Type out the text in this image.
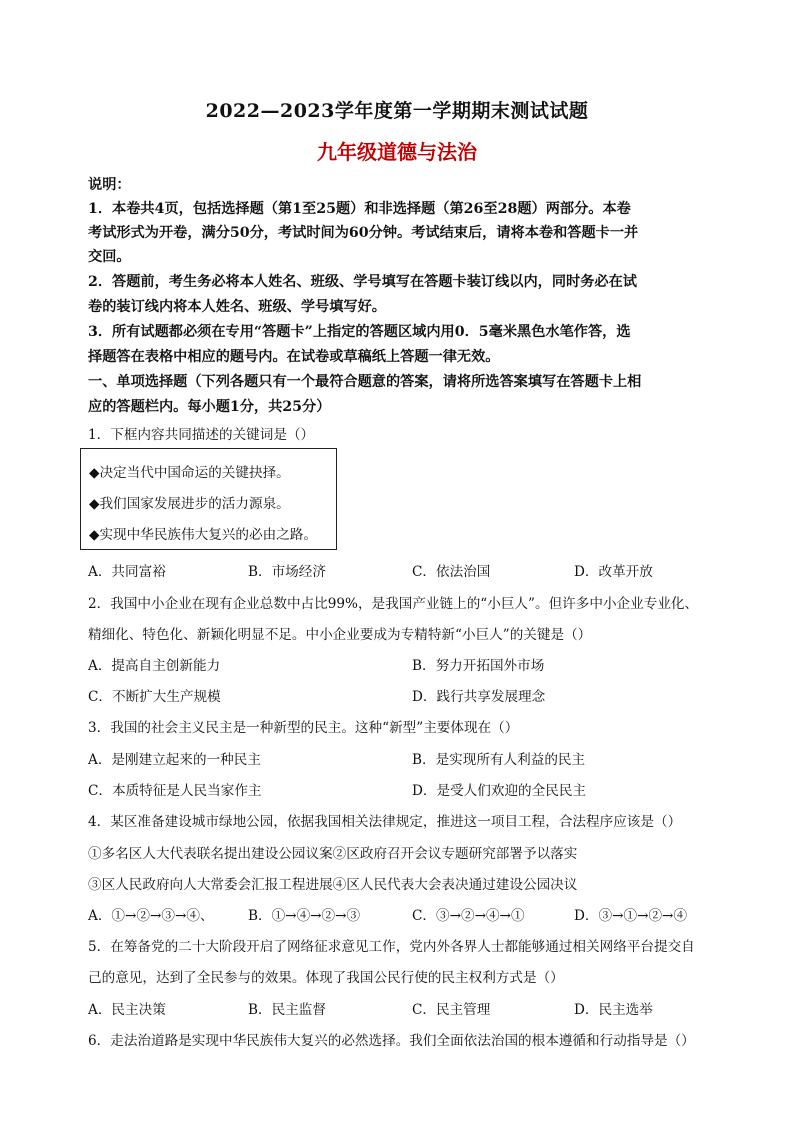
2022—2023学年度第一学期期末测试试题
九年级道德与法治
说明：
1．本卷共4页，包括选择题（第1至25题）和非选择题（第26至28题）两部分。本卷
考试形式为开卷，满分50分，考试时间为60分钟。考试结束后，请将本卷和答题卡一并
交回。
2．答题前，考生务必将本人姓名、班级、学号填写在答题卡装订线以内，同时务必在试
卷的装订线内将本人姓名、班级、学号填写好。
3．所有试题都必须在专用“答题卡”上指定的答题区域内用0．5毫米黑色水笔作答，选
择题答在表格中相应的题号内。在试卷或草稿纸上答题一律无效。
一、单项选择题（下列各题只有一个最符合题意的答案，请将所选答案填写在答题卡上相
应的答题栏内。每小题1分，共25分）
1．下框内容共同描述的关键词是（）
◆决定当代中国命运的关键抉择。
◆我们国家发展进步的活力源泉。
◆实现中华民族伟大复兴的必由之路。
A．共同富裕	B．市场经济	C．依法治国	D．改革开放
2．我国中小企业在现有企业总数中占比99%，是我国产业链上的“小巨人”。但许多中小企业专业化、
精细化、特色化、新颖化明显不足。中小企业要成为专精特新“小巨人”的关键是（）
A．提高自主创新能力	B．努力开拓国外市场
C．不断扩大生产规模	D．践行共享发展理念
3．我国的社会主义民主是一种新型的民主。这种“新型”主要体现在（）
A．是刚建立起来的一种民主	B．是实现所有人利益的民主
C．本质特征是人民当家作主	D．是受人们欢迎的全民民主
4．某区准备建设城市绿地公园，依据我国相关法律规定，推进这一项目工程，合法程序应该是（）
①多名区人大代表联名提出建设公园议案②区政府召开会议专题研究部署予以落实
③区人民政府向人大常委会汇报工程进展④区人民代表大会表决通过建设公园决议
A．①→②→③→④、	B．①→④→②→③	C．③→②→④→①	D．③→①→②→④
5．在筹备党的二十大阶段开启了网络征求意见工作，党内外各界人士都能够通过相关网络平台提交自
己的意见，达到了全民参与的效果。体现了我国公民行使的民主权利方式是（）
A．民主决策	B．民主监督	C．民主管理	D．民主选举
6．走法治道路是实现中华民族伟大复兴的必然选择。我们全面依法治国的根本遵循和行动指导是（）
